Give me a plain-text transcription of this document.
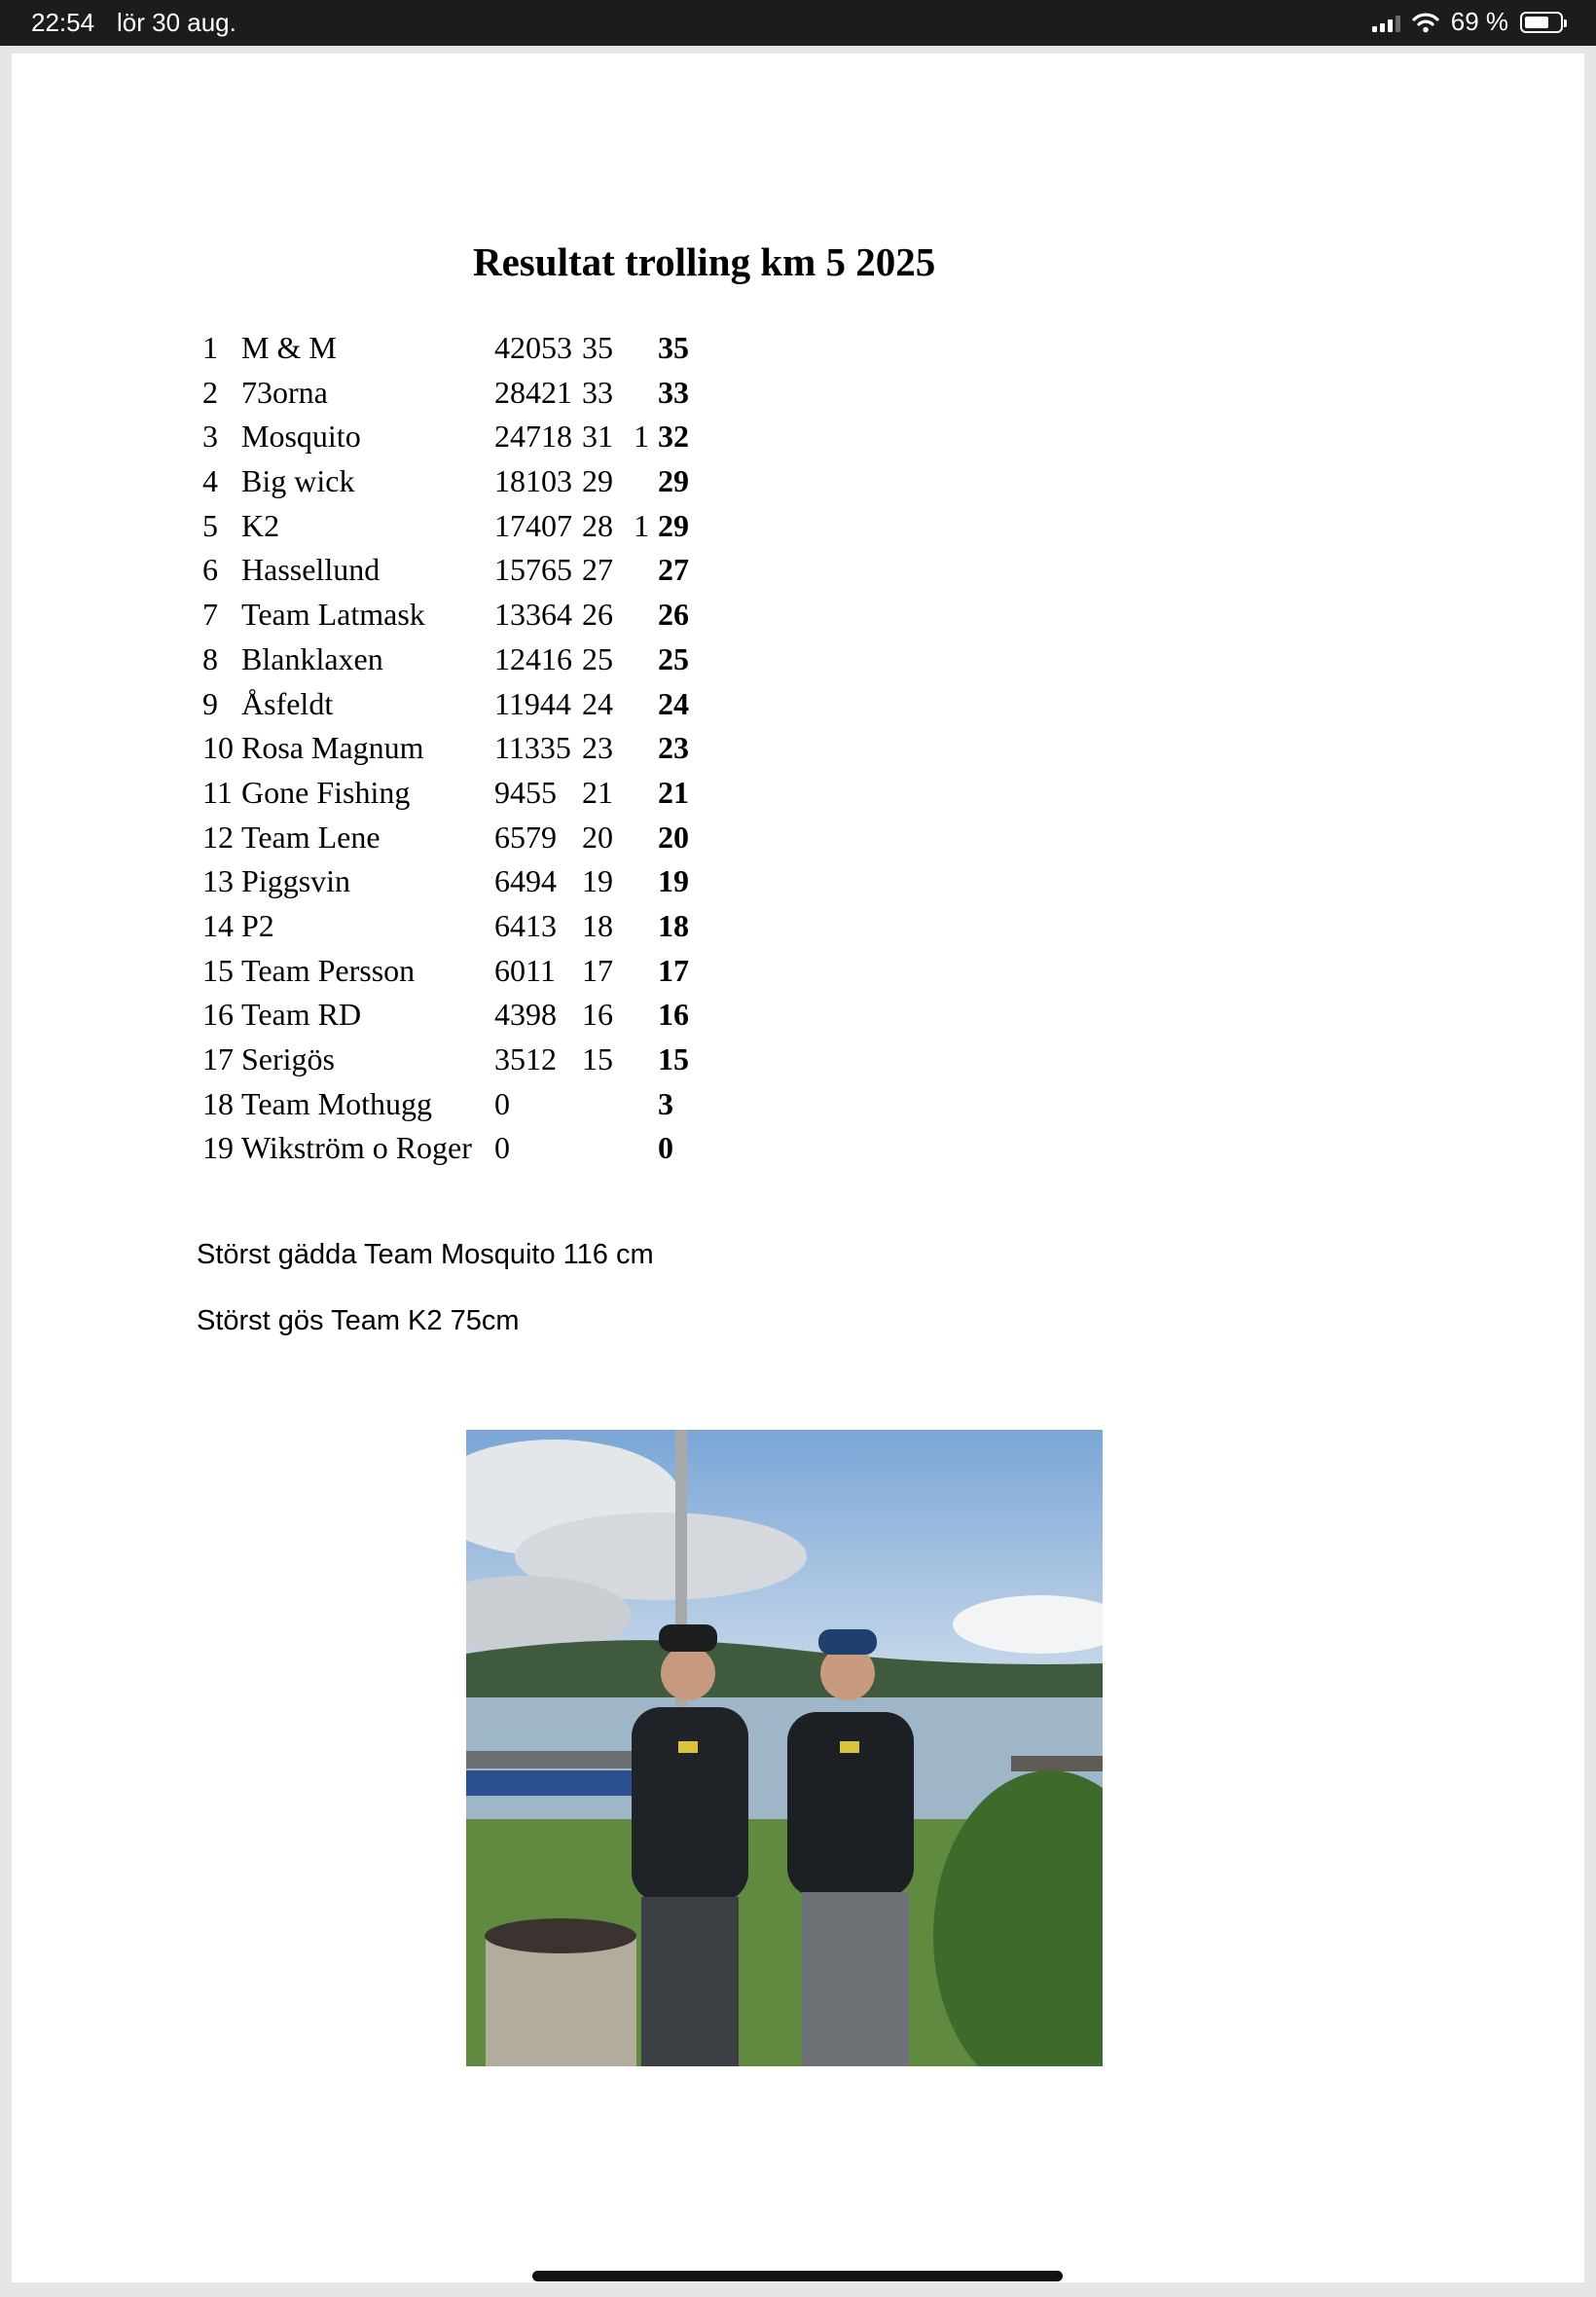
22:54 lör 30 aug.	69 %
Resultat trolling km 5 2025
1 M & M	42053 35 35
2 73orna	28421 33 33
3 Mosquito	24718 31 1 32
4 Big wick	18103 29 29
5 K2	17407 28 1 29
6 Hassellund	15765 27 27
7 Team Latmask 13364 26 26
8 Blanklaxen	12416 25 25
9 Åsfeldt	11944 24 24
10 Rosa Magnum 11335 23 23
11 Gone Fishing	9455 21 21
12 Team Lene	6579 20 20
13 Piggsvin	6494 19 19
14 P2	6413 18 18
15 Team Persson	6011 17 17
16 Team RD	4398 16 16
17 Serigös	3512 15 15
18 Team Mothugg 0	3
19 Wikström o Roger 0	0
Störst gädda Team Mosquito 116 cm
Störst gös Team K2 75cm
